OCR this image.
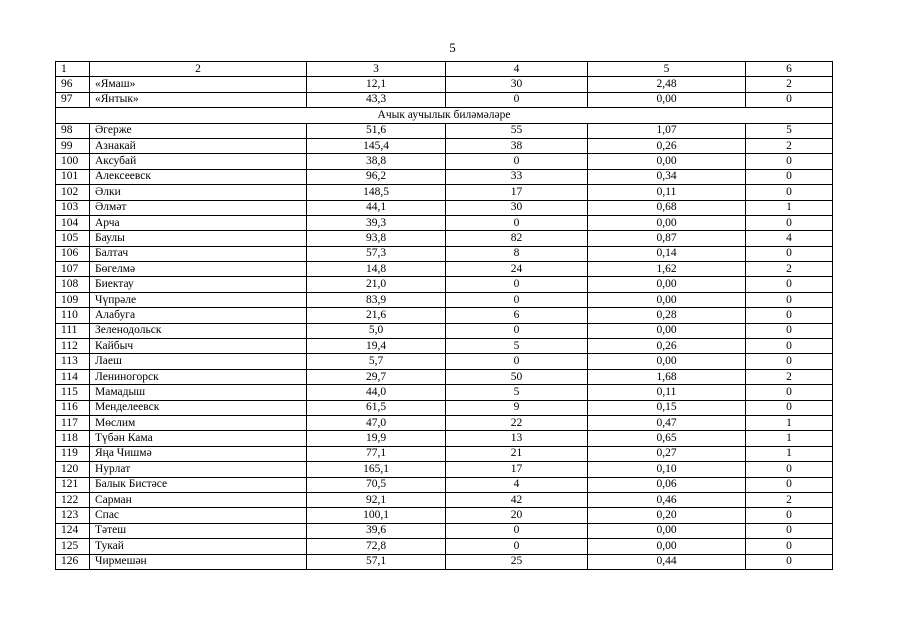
5
1	2	3	4	5	6
96	«Ямаш»	12,1	30	2,48	2
97	«Янтык»	43,3	0	0,00	0
Ачык аучылык биләмәләре					
98	Әгерже	51,6	55	1,07	5
99	Азнакай	145,4	38	0,26	2
100	Аксубай	38,8	0	0,00	0
101	Алексеевск	96,2	33	0,34	0
102	Әлки	148,5	17	0,11	0
103	Әлмәт	44,1	30	0,68	1
104	Арча	39,3	0	0,00	0
105	Баулы	93,8	82	0,87	4
106	Балтач	57,3	8	0,14	0
107	Бөгелмә	14,8	24	1,62	2
108	Биектау	21,0	0	0,00	0
109	Чүпрәле	83,9	0	0,00	0
110	Алабуга	21,6	6	0,28	0
111	Зеленодольск	5,0	0	0,00	0
112	Кайбыч	19,4	5	0,26	0
113	Лаеш	5,7	0	0,00	0
114	Лениногорск	29,7	50	1,68	2
115	Мамадыш	44,0	5	0,11	0
116	Менделеевск	61,5	9	0,15	0
117	Мөслим	47,0	22	0,47	1
118	Түбән Кама	19,9	13	0,65	1
119	Яңа Чишмә	77,1	21	0,27	1
120	Нурлат	165,1	17	0,10	0
121	Балык Бистәсе	70,5	4	0,06	0
122	Сарман	92,1	42	0,46	2
123	Спас	100,1	20	0,20	0
124	Тәтеш	39,6	0	0,00	0
125	Тукай	72,8	0	0,00	0
126	Чирмешән	57,1	25	0,44	0
